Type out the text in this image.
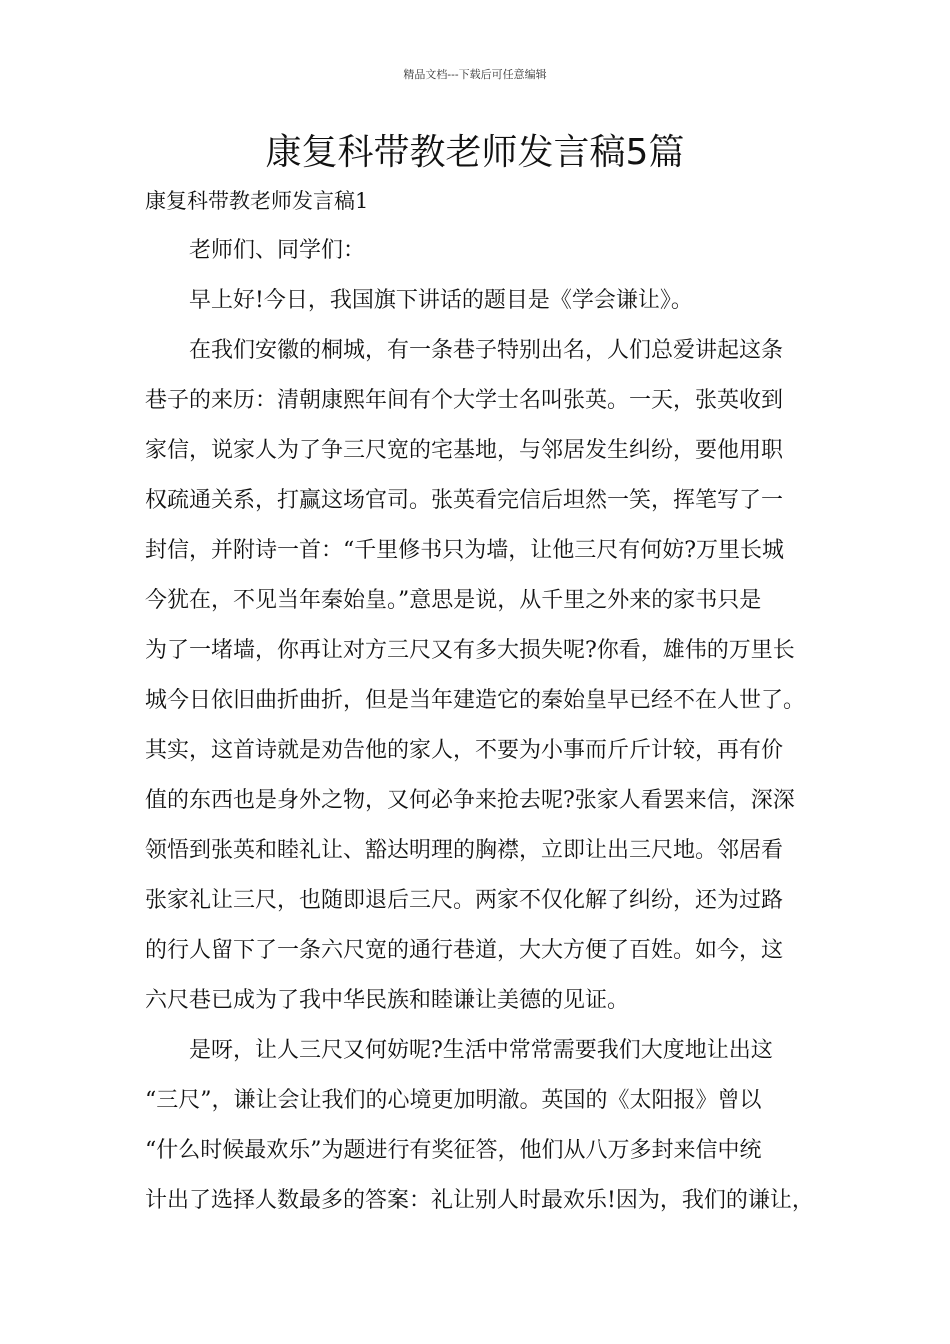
精品文档---下载后可任意编辑
康复科带教老师发言稿5篇
康复科带教老师发言稿1

老师们、同学们：

早上好!今日，我国旗下讲话的题目是《学会谦让》。

在我们安徽的桐城，有一条巷子特别出名，人们总爱讲起这条
巷子的来历：清朝康熙年间有个大学士名叫张英。一天，张英收到
家信，说家人为了争三尺宽的宅基地，与邻居发生纠纷，要他用职
权疏通关系，打赢这场官司。张英看完信后坦然一笑，挥笔写了一
封信，并附诗一首：“千里修书只为墙，让他三尺有何妨?万里长城
今犹在，不见当年秦始皇。”意思是说，从千里之外来的家书只是
为了一堵墙，你再让对方三尺又有多大损失呢?你看，雄伟的万里长
城今日依旧曲折曲折，但是当年建造它的秦始皇早已经不在人世了。
其实，这首诗就是劝告他的家人，不要为小事而斤斤计较，再有价
值的东西也是身外之物，又何必争来抢去呢?张家人看罢来信，深深
领悟到张英和睦礼让、豁达明理的胸襟，立即让出三尺地。邻居看
张家礼让三尺，也随即退后三尺。两家不仅化解了纠纷，还为过路
的行人留下了一条六尺宽的通行巷道，大大方便了百姓。如今，这
六尺巷已成为了我中华民族和睦谦让美德的见证。

是呀，让人三尺又何妨呢?生活中常常需要我们大度地让出这
“三尺”，谦让会让我们的心境更加明澈。英国的《太阳报》曾以
“什么时候最欢乐”为题进行有奖征答，他们从八万多封来信中统
计出了选择人数最多的答案：礼让别人时最欢乐!因为，我们的谦让，
